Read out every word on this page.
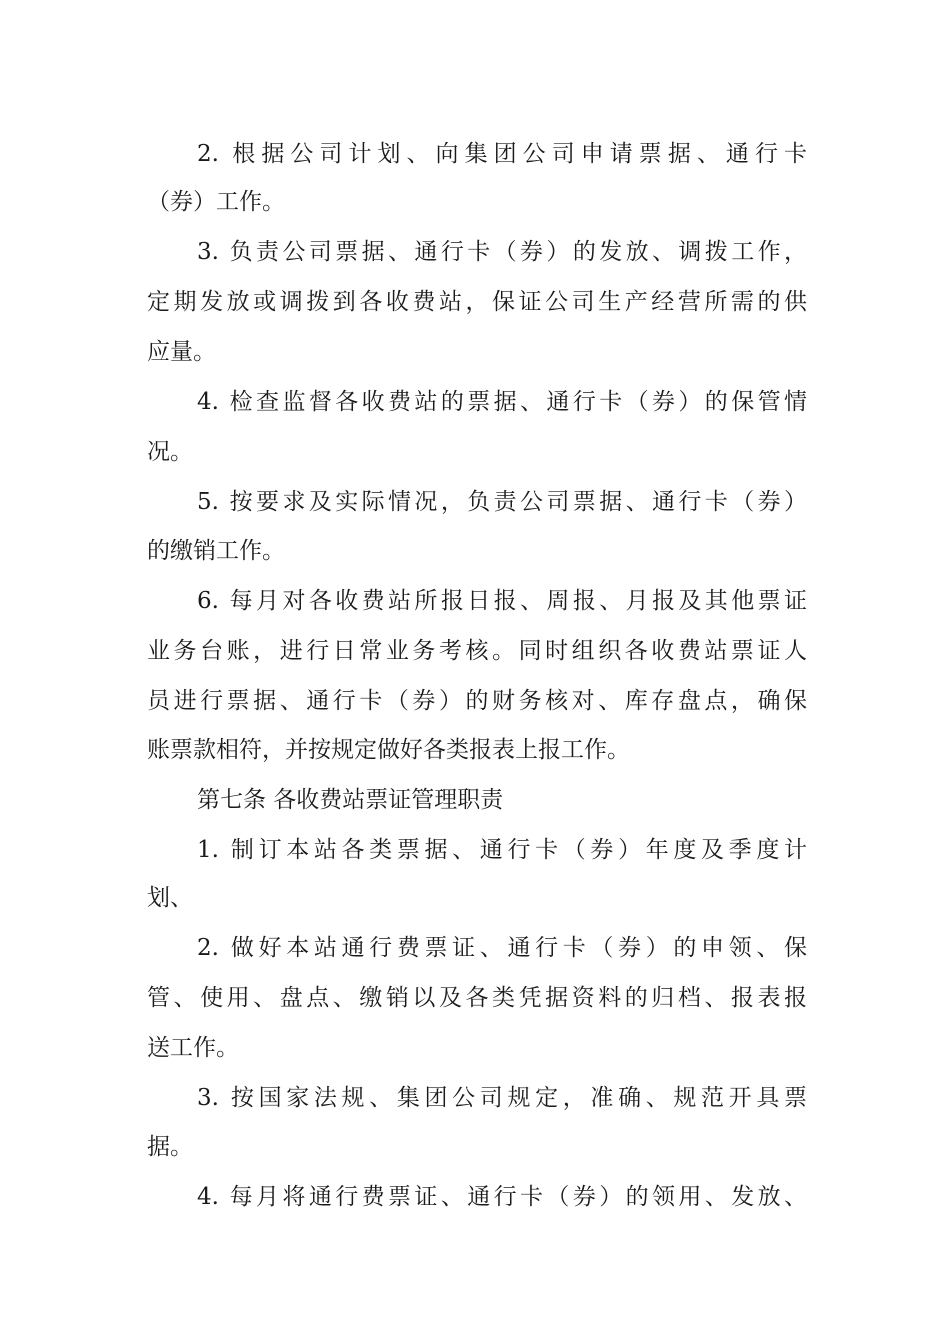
2. 根据公司计划、向集团公司申请票据、通行卡
（券）工作。
3. 负责公司票据、通行卡（券）的发放、调拨工作，
定期发放或调拨到各收费站，保证公司生产经营所需的供
应量。
4. 检查监督各收费站的票据、通行卡（券）的保管情
况。
5. 按要求及实际情况，负责公司票据、通行卡（券）
的缴销工作。
6. 每月对各收费站所报日报、周报、月报及其他票证
业务台账，进行日常业务考核。同时组织各收费站票证人
员进行票据、通行卡（券）的财务核对、库存盘点，确保
账票款相符，并按规定做好各类报表上报工作。
第七条 各收费站票证管理职责
1. 制订本站各类票据、通行卡（券）年度及季度计
划、
2. 做好本站通行费票证、通行卡（券）的申领、保
管、使用、盘点、缴销以及各类凭据资料的归档、报表报
送工作。
3. 按国家法规、集团公司规定，准确、规范开具票
据。
4. 每月将通行费票证、通行卡（券）的领用、发放、
